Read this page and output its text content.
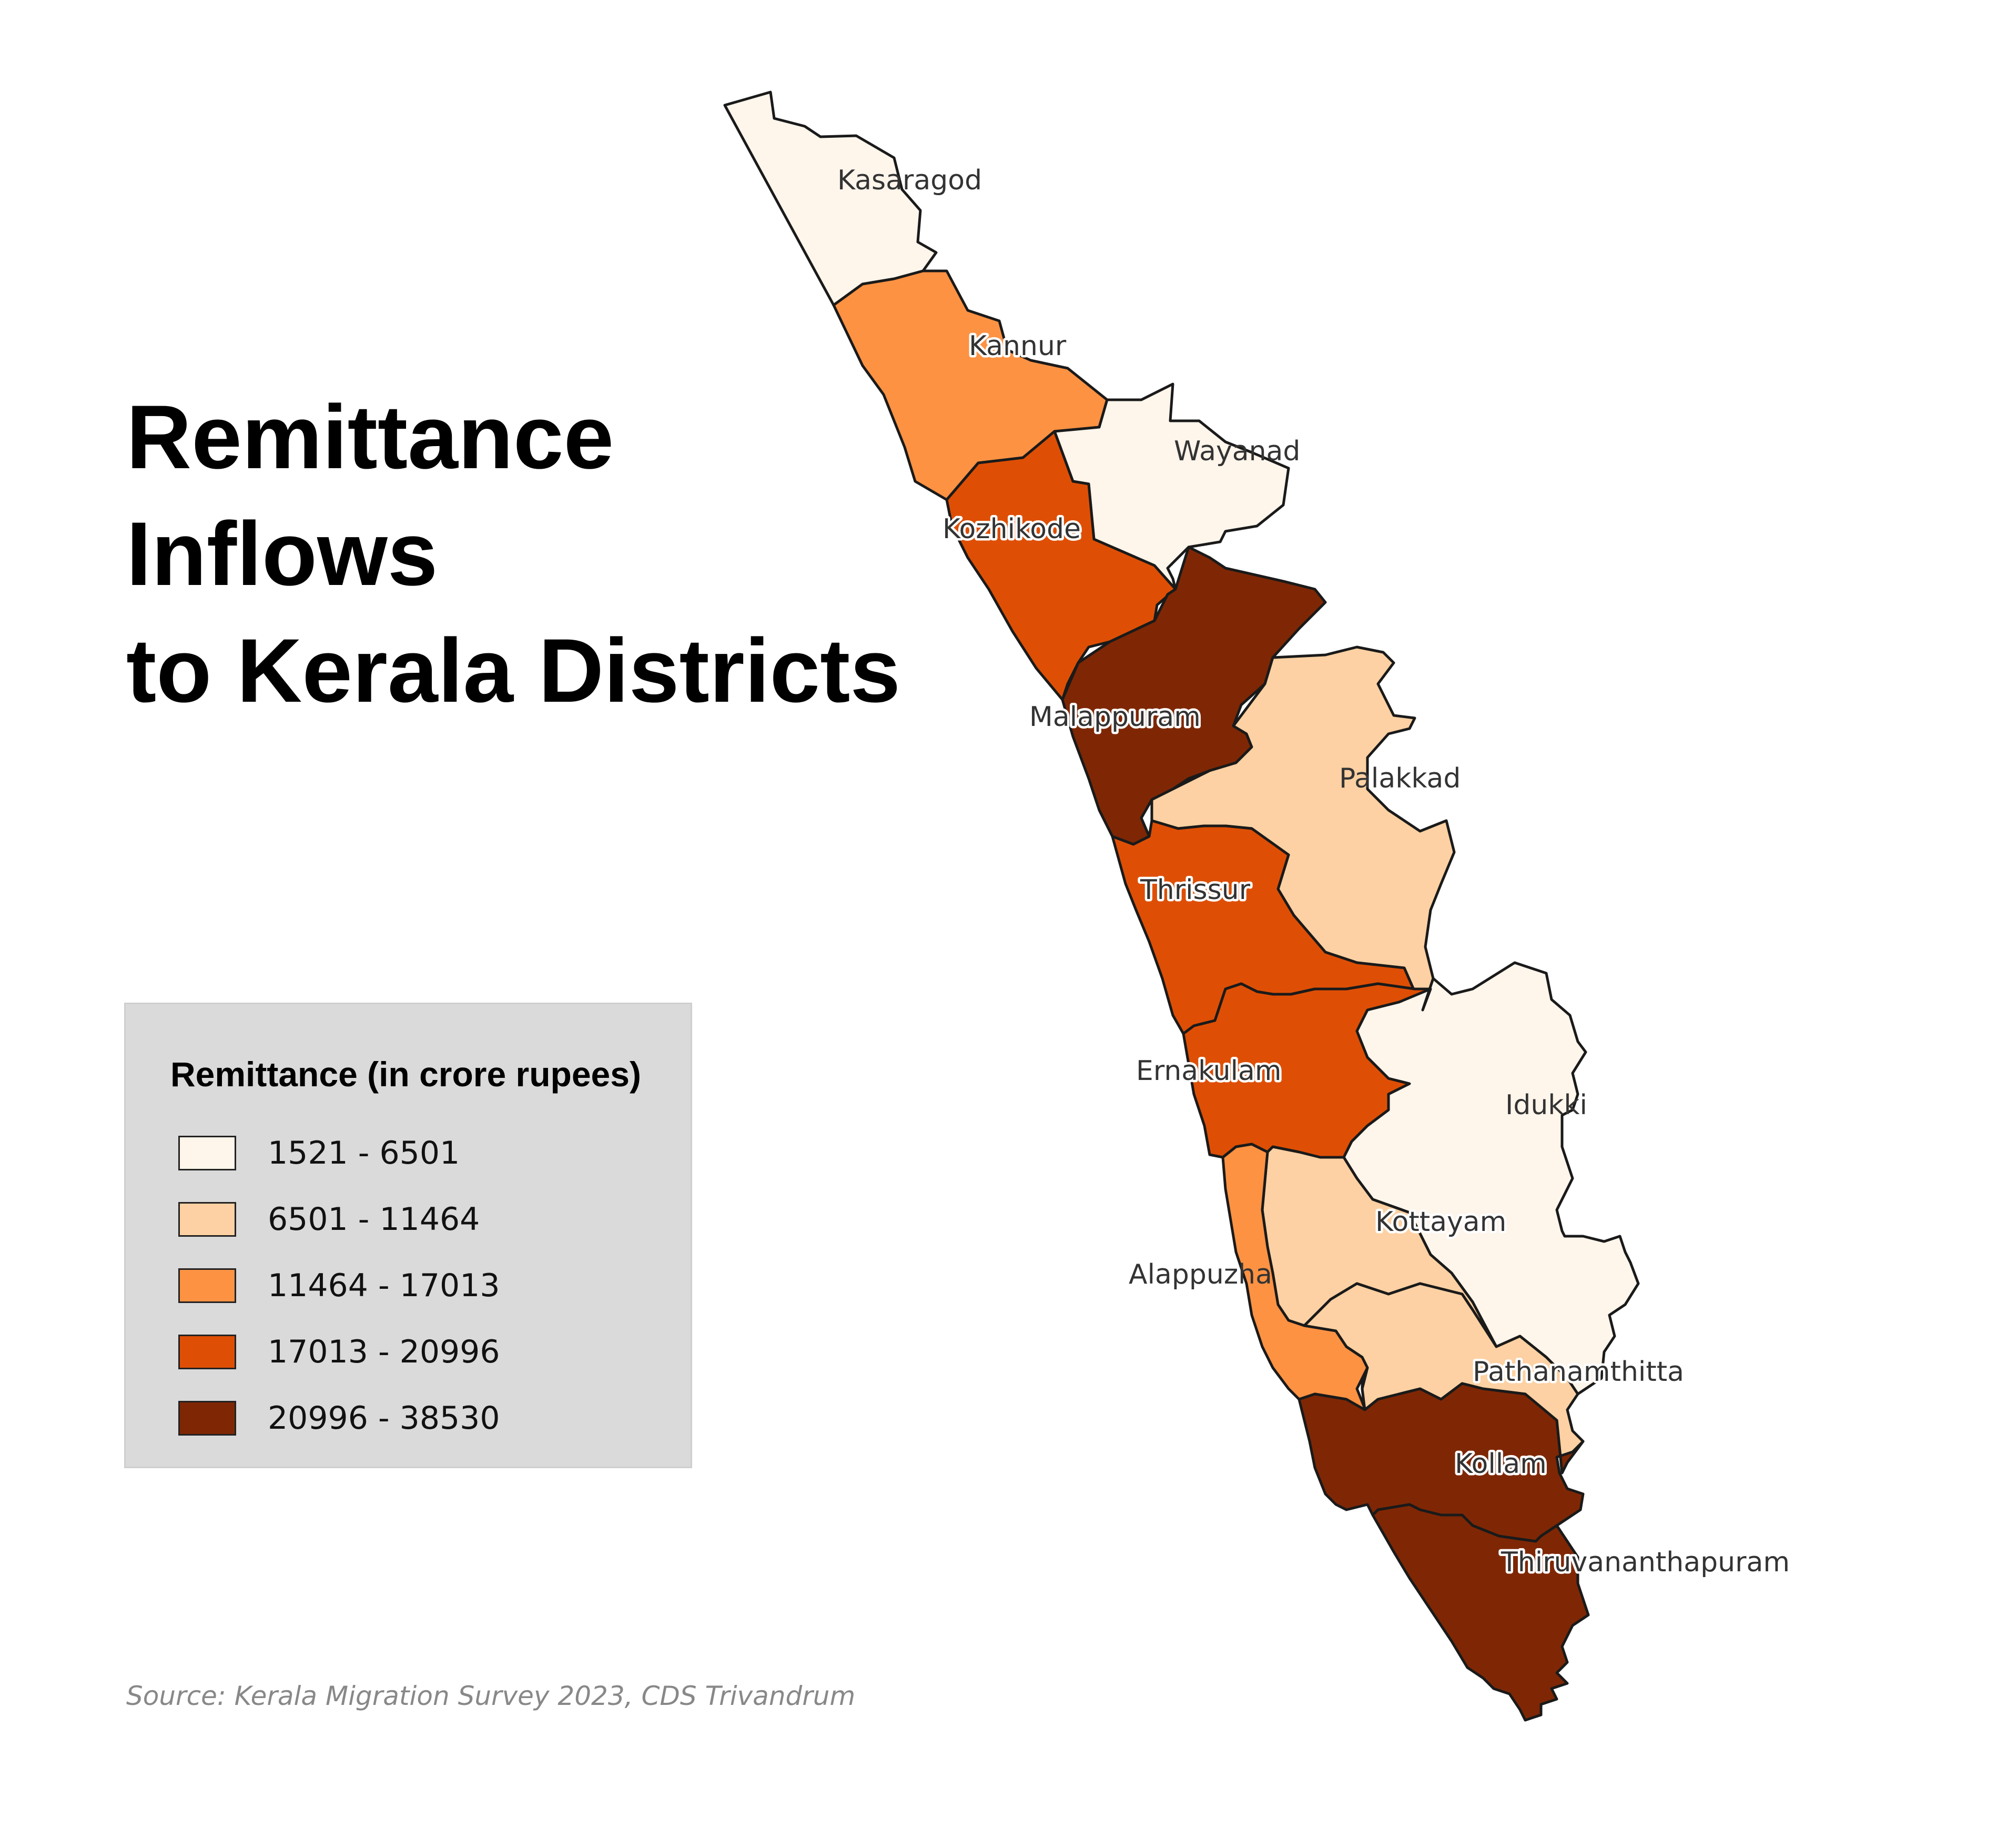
Remittance
Inflows
to Kerala Districts
Kasaragod
Kannur
Wayanad
Kozhikode
Malappuram
Palakkad
Thrissur
Ernakulam
Idukki
Kottayam
Alappuzha
Pathanamthitta
Kollam
Thiruvananthapuram
Remittance (in crore rupees)
1521 - 6501
6501 - 11464
11464 - 17013
17013 - 20996
20996 - 38530

Source: Kerala Migration Survey 2023, CDS Trivandrum
